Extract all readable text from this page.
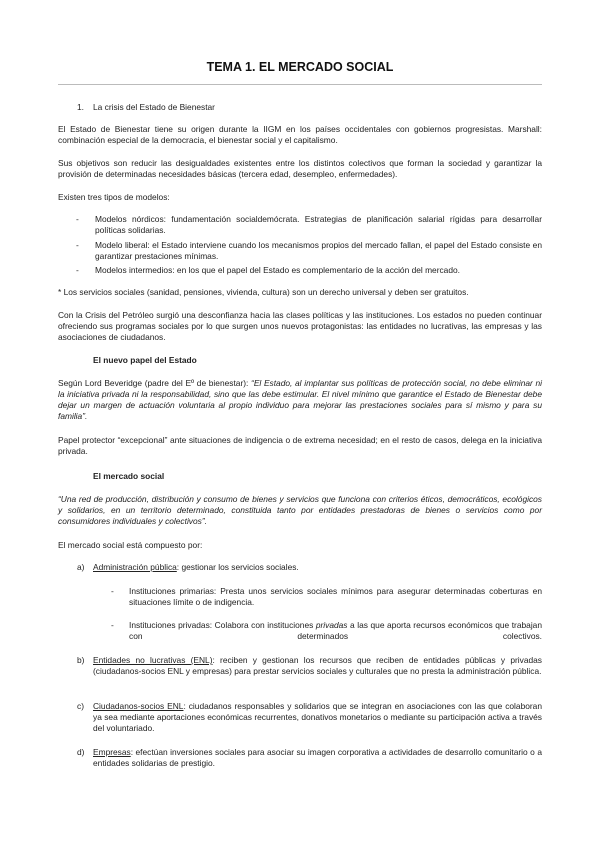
TEMA 1. EL MERCADO SOCIAL
1. La crisis del Estado de Bienestar

El Estado de Bienestar tiene su origen durante la IIGM en los países occidentales con gobiernos progresistas. Marshall: combinación especial de la democracia, el bienestar social y el capitalismo.

Sus objetivos son reducir las desigualdades existentes entre los distintos colectivos que forman la sociedad y garantizar la provisión de determinadas necesidades básicas (tercera edad, desempleo, enfermedades).

Existen tres tipos de modelos:

- Modelos nórdicos: fundamentación socialdemócrata. Estrategias de planificación salarial rígidas para desarrollar políticas solidarias.
- Modelo liberal: el Estado interviene cuando los mecanismos propios del mercado fallan, el papel del Estado consiste en garantizar prestaciones mínimas.
- Modelos intermedios: en los que el papel del Estado es complementario de la acción del mercado.

* Los servicios sociales (sanidad, pensiones, vivienda, cultura) son un derecho universal y deben ser gratuitos.

Con la Crisis del Petróleo surgió una desconfianza hacia las clases políticas y las instituciones. Los estados no pueden continuar ofreciendo sus programas sociales por lo que surgen unos nuevos protagonistas: las entidades no lucrativas, las empresas y las asociaciones de ciudadanos.

El nuevo papel del Estado

Según Lord Beveridge (padre del Eº de bienestar): “El Estado, al implantar sus políticas de protección social, no debe eliminar ni la iniciativa privada ni la responsabilidad, sino que las debe estimular. El nivel mínimo que garantice el Estado de Bienestar debe dejar un margen de actuación voluntaria al propio individuo para mejorar las prestaciones sociales para sí mismo y para su familia”.

Papel protector “excepcional” ante situaciones de indigencia o de extrema necesidad; en el resto de casos, delega en la iniciativa privada.

El mercado social

“Una red de producción, distribución y consumo de bienes y servicios que funciona con criterios éticos, democráticos, ecológicos y solidarios, en un territorio determinado, constituida tanto por entidades prestadoras de bienes o servicios como por consumidores individuales y colectivos”.

El mercado social está compuesto por:

a) Administración pública: gestionar los servicios sociales.
- Instituciones primarias: Presta unos servicios sociales mínimos para asegurar determinadas coberturas en situaciones límite o de indigencia.
- Instituciones privadas: Colabora con instituciones privadas a las que aporta recursos económicos que trabajan con determinados colectivos.
b) Entidades no lucrativas (ENL): reciben y gestionan los recursos que reciben de entidades públicas y privadas (ciudadanos-socios ENL y empresas) para prestar servicios sociales y culturales que no presta la administración pública.
c) Ciudadanos-socios ENL: ciudadanos responsables y solidarios que se integran en asociaciones con las que colaboran ya sea mediante aportaciones económicas recurrentes, donativos monetarios o mediante su participación activa a través del voluntariado.
d) Empresas: efectúan inversiones sociales para asociar su imagen corporativa a actividades de desarrollo comunitario o a entidades solidarias de prestigio.
